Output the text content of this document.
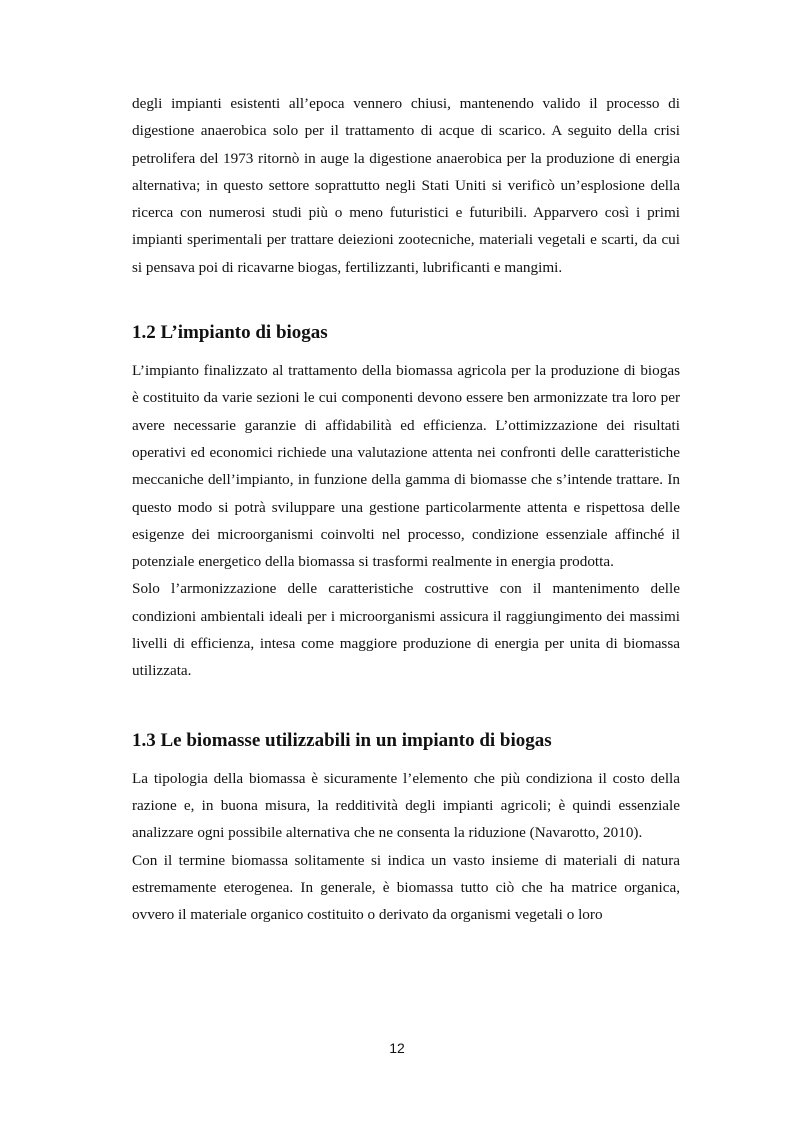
degli impianti esistenti all’epoca vennero chiusi, mantenendo valido il processo di digestione anaerobica solo per il trattamento di acque di scarico. A seguito della crisi petrolifera del 1973 ritornò in auge la digestione anaerobica per la produzione di energia alternativa; in questo settore soprattutto negli Stati Uniti si verificò un’esplosione della ricerca con numerosi studi più o meno futuristici e futuribili. Apparvero così i primi impianti sperimentali per trattare deiezioni zootecniche, materiali vegetali e scarti, da cui si pensava poi di ricavarne biogas, fertilizzanti, lubrificanti e mangimi.

1.2 L’impianto di biogas

L’impianto finalizzato al trattamento della biomassa agricola per la produzione di biogas è costituito da varie sezioni le cui componenti devono essere ben armonizzate tra loro per avere necessarie garanzie di affidabilità ed efficienza. L’ottimizzazione dei risultati operativi ed economici richiede una valutazione attenta nei confronti delle caratteristiche meccaniche dell’impianto, in funzione della gamma di biomasse che s’intende trattare. In questo modo si potrà sviluppare una gestione particolarmente attenta e rispettosa delle esigenze dei microorganismi coinvolti nel processo, condizione essenziale affinché il potenziale energetico della biomassa si trasformi realmente in energia prodotta.

Solo l’armonizzazione delle caratteristiche costruttive con il mantenimento delle condizioni ambientali ideali per i microorganismi assicura il raggiungimento dei massimi livelli di efficienza, intesa come maggiore produzione di energia per unita di biomassa utilizzata.

1.3 Le biomasse utilizzabili in un impianto di biogas

La tipologia della biomassa è sicuramente l’elemento che più condiziona il costo della razione e, in buona misura, la redditività degli impianti agricoli; è quindi essenziale analizzare ogni possibile alternativa che ne consenta la riduzione (Navarotto, 2010).

Con il termine biomassa solitamente si indica un vasto insieme di materiali di natura estremamente eterogenea. In generale, è biomassa tutto ciò che ha matrice organica, ovvero il materiale organico costituito o derivato da organismi vegetali o loro

12
